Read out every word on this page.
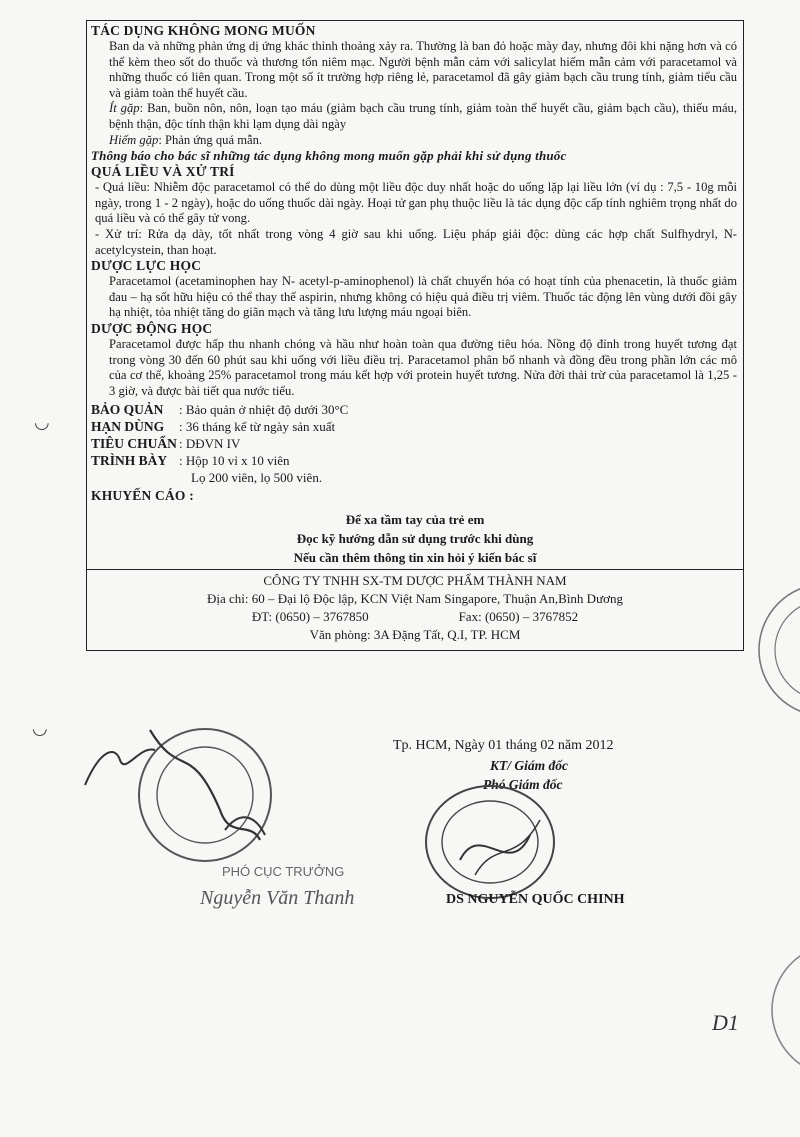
TÁC DỤNG KHÔNG MONG MUỐN
Ban da và những phản ứng dị ứng khác thỉnh thoảng xảy ra. Thường là ban đỏ hoặc mày đay, nhưng đôi khi nặng hơn và có thể kèm theo sốt do thuốc và thương tổn niêm mạc. Người bệnh mẫn cảm với salicylat hiếm mẫn cảm với paracetamol và những thuốc có liên quan. Trong một số ít trường hợp riêng lẻ, paracetamol đã gây giảm bạch cầu trung tính, giảm tiểu cầu và giảm toàn thể huyết cầu.
Ít gặp: Ban, buồn nôn, nôn, loạn tạo máu (giảm bạch cầu trung tính, giảm toàn thể huyết cầu, giảm bạch cầu), thiếu máu, bệnh thận, độc tính thận khi lạm dụng dài ngày
Hiếm gặp: Phản ứng quá mẫn.
Thông báo cho bác sĩ những tác dụng không mong muốn gặp phải khi sử dụng thuốc
QUÁ LIỀU VÀ XỬ TRÍ
- Quá liều: Nhiễm độc paracetamol có thể do dùng một liều độc duy nhất hoặc do uống lặp lại liều lớn (ví dụ : 7,5 - 10g mỗi ngày, trong 1 - 2 ngày), hoặc do uống thuốc dài ngày. Hoại tử gan phụ thuộc liều là tác dụng độc cấp tính nghiêm trọng nhất do quá liều và có thể gây tử vong.
- Xử trí: Rửa dạ dày, tốt nhất trong vòng 4 giờ sau khi uống. Liệu pháp giải độc: dùng các hợp chất Sulfhydryl, N-acetylcystein, than hoạt.
DƯỢC LỰC HỌC
Paracetamol (acetaminophen hay N- acetyl-p-aminophenol) là chất chuyển hóa có hoạt tính của phenacetin, là thuốc giảm đau – hạ sốt hữu hiệu có thể thay thế aspirin, nhưng không có hiệu quả điều trị viêm. Thuốc tác động lên vùng dưới đồi gây hạ nhiệt, tỏa nhiệt tăng do giãn mạch và tăng lưu lượng máu ngoại biên.
DƯỢC ĐỘNG HỌC
Paracetamol được hấp thu nhanh chóng và hầu như hoàn toàn qua đường tiêu hóa. Nồng độ đỉnh trong huyết tương đạt trong vòng 30 đến 60 phút sau khi uống với liều điều trị. Paracetamol phân bố nhanh và đồng đều trong phần lớn các mô của cơ thể, khoảng 25% paracetamol trong máu kết hợp với protein huyết tương. Nửa đời thải trừ của paracetamol là 1,25 - 3 giờ, và được bài tiết qua nước tiểu.
BẢO QUẢN	: Bảo quản ở nhiệt độ dưới 30°C
HẠN DÙNG	: 36 tháng kể từ ngày sản xuất
TIÊU CHUẨN : DĐVN IV
TRÌNH BÀY : Hộp 10 vỉ x 10 viên
Lọ 200 viên, lọ 500 viên.
KHUYẾN CÁO :
Để xa tầm tay của trẻ em
Đọc kỹ hướng dẫn sử dụng trước khi dùng
Nếu cần thêm thông tin xin hỏi ý kiến bác sĩ
CÔNG TY TNHH SX-TM DƯỢC PHẨM THÀNH NAM
Địa chỉ: 60 – Đại lộ Độc lập, KCN Việt Nam Singapore, Thuận An,Bình Dương
ĐT: (0650) – 3767850	Fax: (0650) – 3767852
Văn phòng: 3A Đặng Tất, Q.I, TP. HCM
Tp. HCM, Ngày 01 tháng 02 năm 2012
KT/ Giám đốc
Phó Giám đốc
DS NGUYỄN QUỐC CHINH
PHÓ CỤC TRƯỞNG
Nguyễn Văn Thanh
◡
◡
D1
